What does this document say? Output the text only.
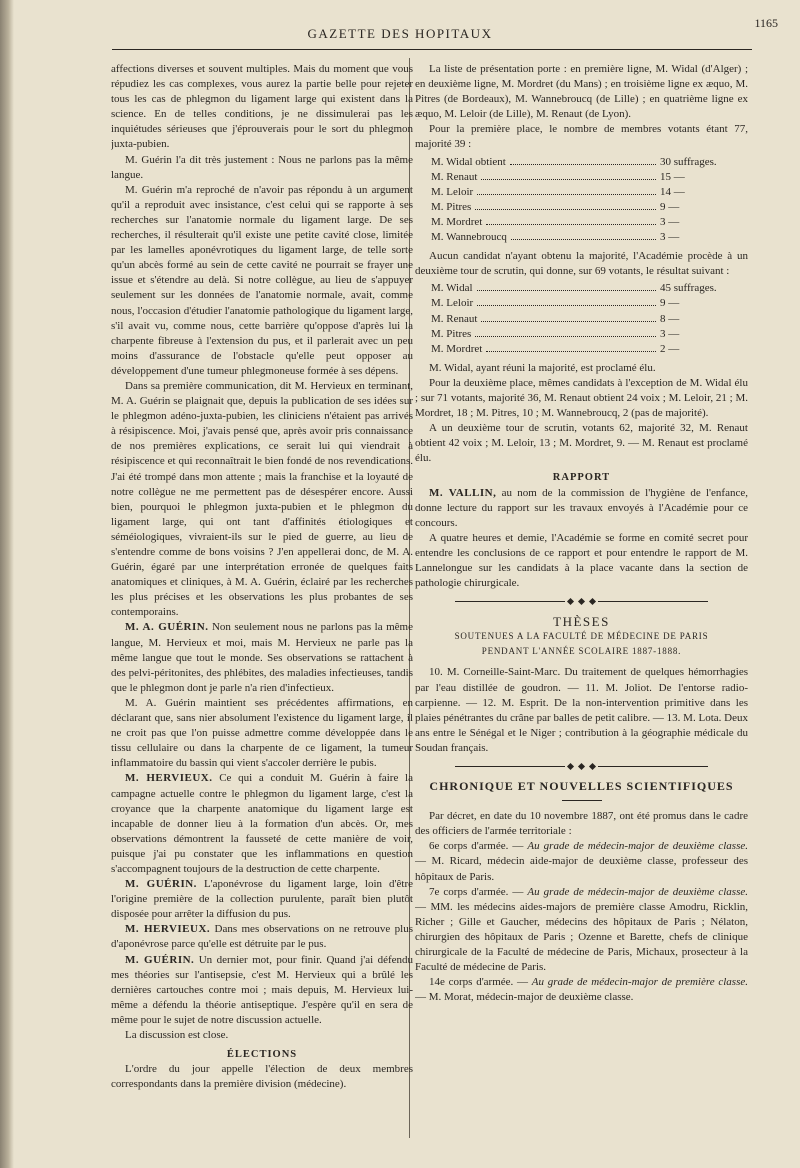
GAZETTE DES HOPITAUX
1165

affections diverses et souvent multiples. Mais du moment que vous répudiez les cas complexes, vous aurez la partie belle pour rejeter tous les cas de phlegmon du ligament large qui existent dans la science. En de telles conditions, je ne dissimulerai pas les inquiétudes sérieuses que j'éprouverais pour le sort du phlegmon juxta-pubien.

M. Guérin l'a dit très justement : Nous ne parlons pas la même langue.

M. Guérin m'a reproché de n'avoir pas répondu à un argument qu'il a reproduit avec insistance, c'est celui qui se rapporte à ses recherches sur l'anatomie normale du ligament large. De ses recherches, il résulterait qu'il existe une petite cavité close, limitée par les lamelles aponévrotiques du ligament large, de telle sorte qu'un abcès formé au sein de cette cavité ne pourrait se frayer une issue et s'étendre au delà. Si notre collègue, au lieu de s'appuyer seulement sur les données de l'anatomie normale, avait, comme nous, l'occasion d'étudier l'anatomie pathologique du ligament large, s'il avait vu, comme nous, cette barrière qu'oppose d'après lui la charpente fibreuse à l'extension du pus, et il parlerait avec un peu moins d'assurance de l'obstacle qu'elle peut opposer au développement d'une tumeur phlegmoneuse formée à ses dépens.

Dans sa première communication, dit M. Hervieux en terminant, M. A. Guérin se plaignait que, depuis la publication de ses idées sur le phlegmon adéno-juxta-pubien, les cliniciens n'étaient pas arrivés à résipiscence. Moi, j'avais pensé que, après avoir pris connaissance de nos premières explications, ce serait lui qui viendrait à résipiscence et qui reconnaîtrait le bien fondé de nos revendications. J'ai été trompé dans mon attente ; mais la franchise et la loyauté de notre collègue ne me permettent pas de désespérer encore. Aussi bien, pourquoi le phlegmon juxta-pubien et le phlegmon du ligament large, qui ont tant d'affinités étiologiques et séméiologiques, vivraient-ils sur le pied de guerre, au lieu de s'entendre comme de bons voisins ? J'en appellerai donc, de M. A. Guérin, égaré par une interprétation erronée de quelques faits anatomiques et cliniques, à M. A. Guérin, éclairé par les recherches les plus précises et les observations les plus probantes de ses contemporains.

M. A. GUÉRIN. Non seulement nous ne parlons pas la même langue, M. Hervieux et moi, mais M. Hervieux ne parle pas la même langue que tout le monde. Ses observations se rattachent à des pelvi-péritonites, des phlébites, des maladies infectieuses, tandis que le phlegmon dont je parle n'a rien d'infectieux.

M. A. Guérin maintient ses précédentes affirmations, en déclarant que, sans nier absolument l'existence du ligament large, il ne croit pas que l'on puisse admettre comme développée dans le tissu cellulaire ou dans la charpente de ce ligament, la tumeur inflammatoire du bassin qui vient s'accoler derrière le pubis.

M. HERVIEUX. Ce qui a conduit M. Guérin à faire la campagne actuelle contre le phlegmon du ligament large, c'est la croyance que la charpente anatomique du ligament large est incapable de donner lieu à la formation d'un abcès. Or, mes observations démontrent la fausseté de cette manière de voir, puisque j'ai pu constater que les inflammations en question s'accompagnent toujours de la destruction de cette charpente.

M. GUÉRIN. L'aponévrose du ligament large, loin d'être l'origine première de la collection purulente, paraît bien plutôt disposée pour arrêter la diffusion du pus.

M. HERVIEUX. Dans mes observations on ne retrouve plus d'aponévrose parce qu'elle est détruite par le pus.

M. GUÉRIN. Un dernier mot, pour finir. Quand j'ai défendu mes théories sur l'antisepsie, c'est M. Hervieux qui a brûlé les dernières cartouches contre moi ; mais depuis, M. Hervieux lui-même a défendu la théorie antiseptique. J'espère qu'il en sera de même pour le sujet de notre discussion actuelle.

La discussion est close.

ÉLECTIONS

L'ordre du jour appelle l'élection de deux membres correspondants dans la première division (médecine).

La liste de présentation porte : en première ligne, M. Widal (d'Alger) ; en deuxième ligne, M. Mordret (du Mans) ; en troisième ligne ex æquo, M. Pitres (de Bordeaux), M. Wannebroucq (de Lille) ; en quatrième ligne ex æquo, M. Leloir (de Lille), M. Renaut (de Lyon).

Pour la première place, le nombre de membres votants étant 77, majorité 39 :

M. Widal obtient	30 suffrages.
M. Renaut	15 —
M. Leloir	14 —
M. Pitres	9 —
M. Mordret	3 —
M. Wannebroucq	3 —

Aucun candidat n'ayant obtenu la majorité, l'Académie procède à un deuxième tour de scrutin, qui donne, sur 69 votants, le résultat suivant :

M. Widal	45 suffrages.
M. Leloir	9 —
M. Renaut	8 —
M. Pitres	3 —
M. Mordret	2 —

M. Widal, ayant réuni la majorité, est proclamé élu.

Pour la deuxième place, mêmes candidats à l'exception de M. Widal élu ; sur 71 votants, majorité 36, M. Renaut obtient 24 voix ; M. Leloir, 21 ; M. Mordret, 18 ; M. Pitres, 10 ; M. Wannebroucq, 2 (pas de majorité).

A un deuxième tour de scrutin, votants 62, majorité 32, M. Renaut obtient 42 voix ; M. Leloir, 13 ; M. Mordret, 9. — M. Renaut est proclamé élu.

RAPPORT

M. VALLIN, au nom de la commission de l'hygiène de l'enfance, donne lecture du rapport sur les travaux envoyés à l'Académie pour ce concours.

A quatre heures et demie, l'Académie se forme en comité secret pour entendre les conclusions de ce rapport et pour entendre le rapport de M. Lannelongue sur les candidats à la place vacante dans la section de pathologie chirurgicale.

THÈSES

SOUTENUES A LA FACULTÉ DE MÉDECINE DE PARIS

PENDANT L'ANNÉE SCOLAIRE 1887-1888.

10. M. Corneille-Saint-Marc. Du traitement de quelques hémorrhagies par l'eau distillée de goudron. — 11. M. Joliot. De l'entorse radio-carpienne. — 12. M. Esprit. De la non-intervention primitive dans les plaies pénétrantes du crâne par balles de petit calibre. — 13. M. Lota. Deux ans entre le Sénégal et le Niger ; contribution à la géographie médicale du Soudan français.

CHRONIQUE ET NOUVELLES SCIENTIFIQUES

Par décret, en date du 10 novembre 1887, ont été promus dans le cadre des officiers de l'armée territoriale :

6e corps d'armée. — Au grade de médecin-major de deuxième classe. — M. Ricard, médecin aide-major de deuxième classe, professeur des hôpitaux de Paris.

7e corps d'armée. — Au grade de médecin-major de deuxième classe. — MM. les médecins aides-majors de première classe Amodru, Ricklin, Richer ; Gille et Gaucher, médecins des hôpitaux de Paris ; Nélaton, chirurgien des hôpitaux de Paris ; Ozenne et Barette, chefs de clinique chirurgicale de la Faculté de médecine de Paris, Michaux, prosecteur à la Faculté de médecine de Paris.

14e corps d'armée. — Au grade de médecin-major de première classe. — M. Morat, médecin-major de deuxième classe.
